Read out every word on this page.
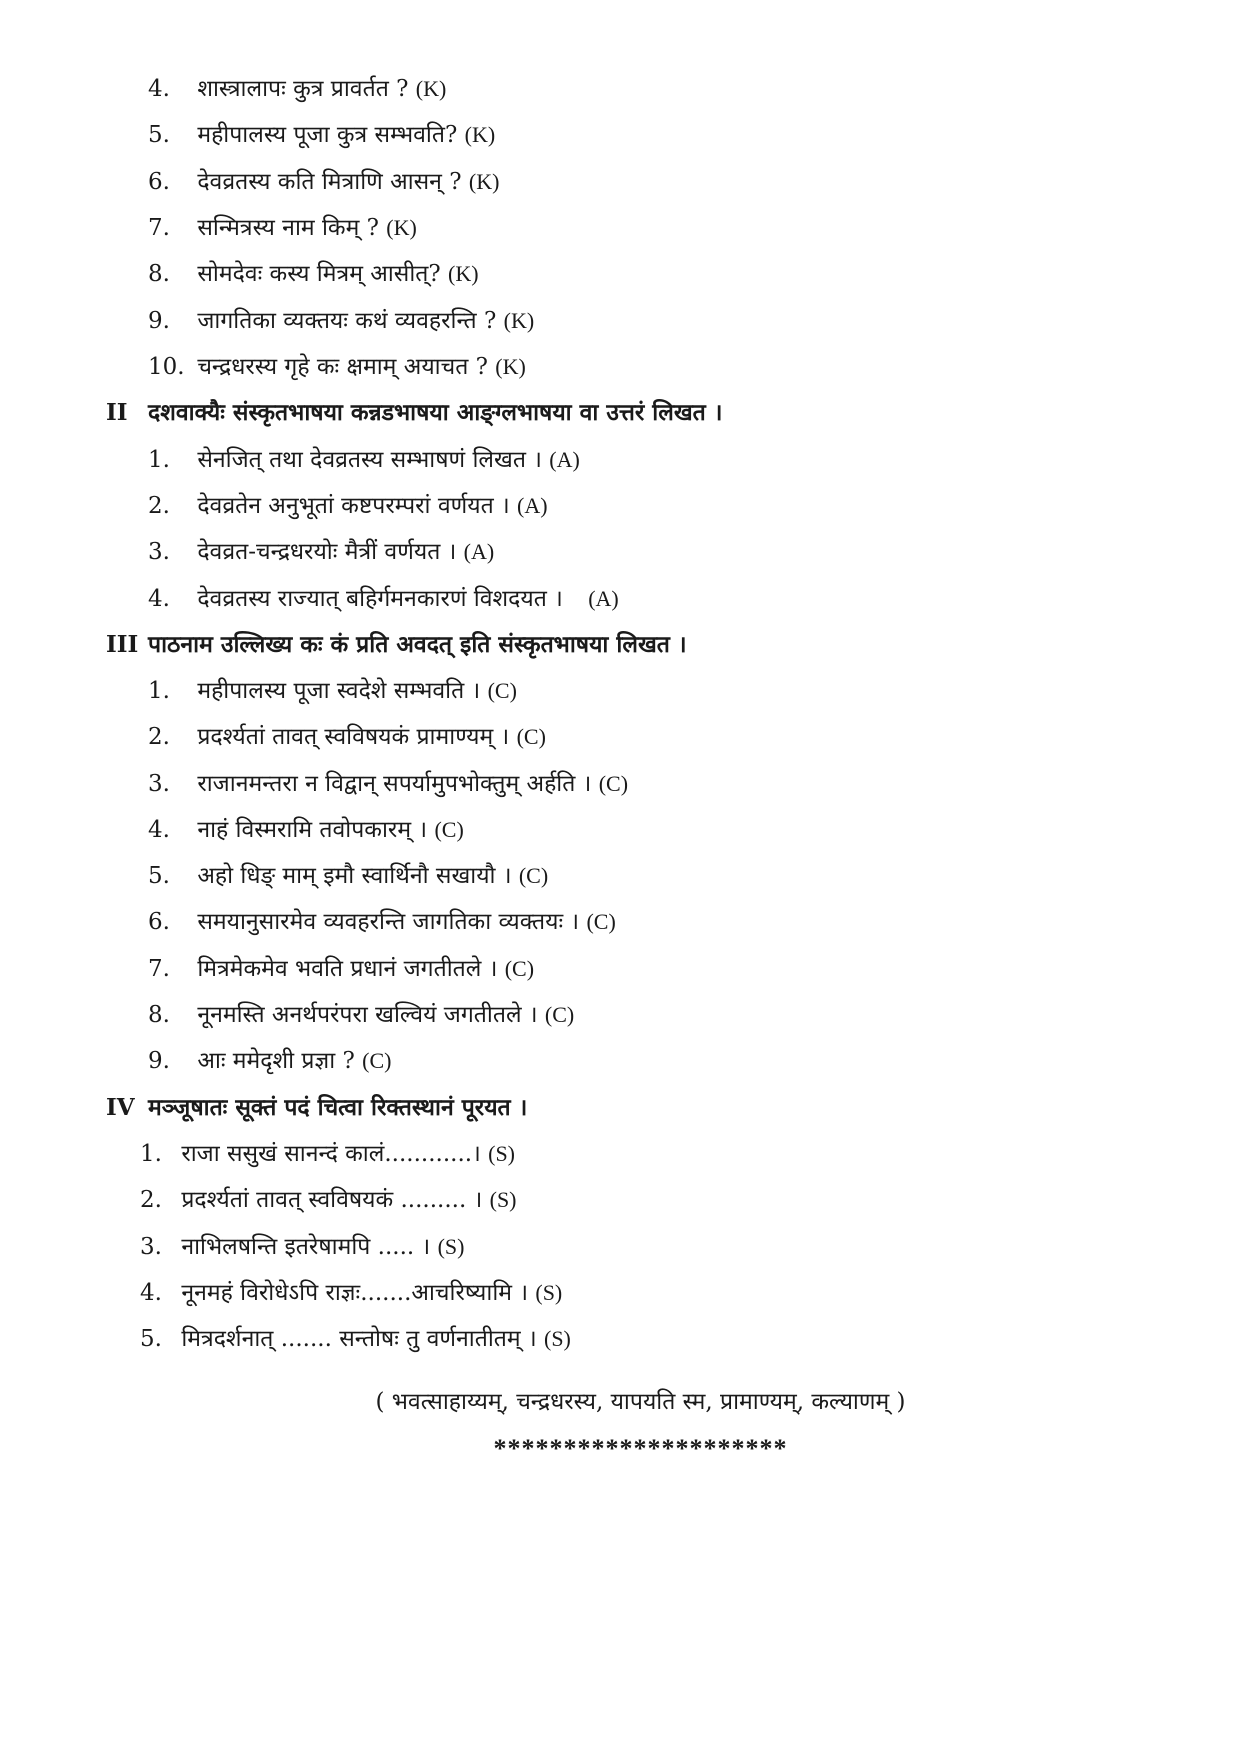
4. शास्त्रालापः कुत्र प्रावर्तत ? (K)
5. महीपालस्य पूजा कुत्र सम्भवति? (K)
6. देवव्रतस्य कति मित्राणि आसन् ? (K)
7. सन्मित्रस्य नाम किम् ? (K)
8. सोमदेवः कस्य मित्रम् आसीत्? (K)
9. जागतिका व्यक्तयः कथं व्यवहरन्ति ? (K)
10. चन्द्रधरस्य गृहे कः क्षमाम् अयाचत ? (K)
II दशवाक्यैः संस्कृतभाषया कन्नडभाषया आङ्ग्लभाषया वा उत्तरं लिखत ।
1. सेनजित् तथा देवव्रतस्य सम्भाषणं लिखत । (A)
2. देवव्रतेन अनुभूतां कष्टपरम्परां वर्णयत । (A)
3. देवव्रत-चन्द्रधरयोः मैत्रीं वर्णयत । (A)
4. देवव्रतस्य राज्यात् बहिर्गमनकारणं विशदयत । (A)
III पाठनाम उल्लिख्य कः कं प्रति अवदत् इति संस्कृतभाषया लिखत ।
1. महीपालस्य पूजा स्वदेशे सम्भवति । (C)
2. प्रदर्श्यतां तावत् स्वविषयकं प्रामाण्यम् । (C)
3. राजानमन्तरा न विद्वान् सपर्यामुपभोक्तुम् अर्हति । (C)
4. नाहं विस्मरामि तवोपकारम् । (C)
5. अहो धिङ् माम् इमौ स्वार्थिनौ सखायौ । (C)
6. समयानुसारमेव व्यवहरन्ति जागतिका व्यक्तयः । (C)
7. मित्रमेकमेव भवति प्रधानं जगतीतले । (C)
8. नूनमस्ति अनर्थपरंपरा खल्वियं जगतीतले । (C)
9. आः ममेदृशी प्रज्ञा ? (C)
IV मञ्जूषातः सूक्तं पदं चित्वा रिक्तस्थानं पूरयत ।
1. राजा ससुखं सानन्दं कालं............। (S)
2. प्रदर्श्यतां तावत् स्वविषयकं ......... । (S)
3. नाभिलषन्ति इतरेषामपि ..... । (S)
4. नूनमहं विरोधेऽपि राज्ञः.......आचरिष्यामि । (S)
5. मित्रदर्शनात् ....... सन्तोषः तु वर्णनातीतम् । (S)
( भवत्साहाय्यम्, चन्द्रधरस्य, यापयति स्म, प्रामाण्यम्, कल्याणम् )
*********************
